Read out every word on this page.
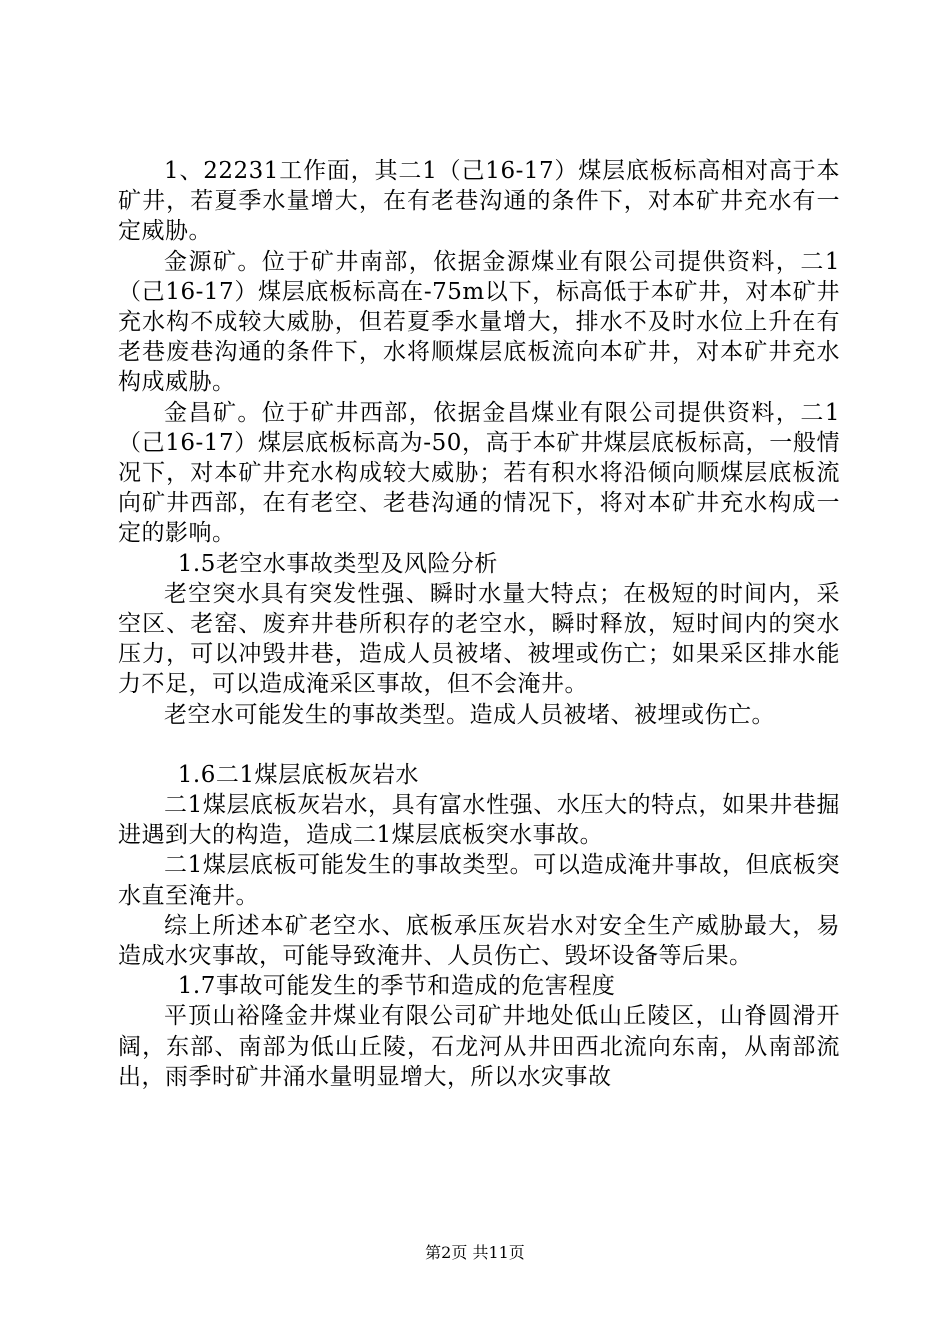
1、22231工作面，其二1（己16-17）煤层底板标高相对高于本矿井，若夏季水量增大，在有老巷沟通的条件下，对本矿井充水有一定威胁。

金源矿。位于矿井南部，依据金源煤业有限公司提供资料，二1（己16-17）煤层底板标高在-75m以下，标高低于本矿井，对本矿井充水构不成较大威胁，但若夏季水量增大，排水不及时水位上升在有老巷废巷沟通的条件下，水将顺煤层底板流向本矿井，对本矿井充水构成威胁。

金昌矿。位于矿井西部，依据金昌煤业有限公司提供资料，二1（己16-17）煤层底板标高为-50，高于本矿井煤层底板标高，一般情况下，对本矿井充水构成较大威胁；若有积水将沿倾向顺煤层底板流向矿井西部，在有老空、老巷沟通的情况下，将对本矿井充水构成一定的影响。

1.5老空水事故类型及风险分析

老空突水具有突发性强、瞬时水量大特点；在极短的时间内，采空区、老窑、废弃井巷所积存的老空水，瞬时释放，短时间内的突水压力，可以冲毁井巷，造成人员被堵、被埋或伤亡；如果采区排水能力不足，可以造成淹采区事故，但不会淹井。

老空水可能发生的事故类型。造成人员被堵、被埋或伤亡。

1.6二1煤层底板灰岩水

二1煤层底板灰岩水，具有富水性强、水压大的特点，如果井巷掘进遇到大的构造，造成二1煤层底板突水事故。

二1煤层底板可能发生的事故类型。可以造成淹井事故，但底板突水直至淹井。

综上所述本矿老空水、底板承压灰岩水对安全生产威胁最大，易造成水灾事故，可能导致淹井、人员伤亡、毁坏设备等后果。

1.7事故可能发生的季节和造成的危害程度

平顶山裕隆金井煤业有限公司矿井地处低山丘陵区，山脊圆滑开阔，东部、南部为低山丘陵，石龙河从井田西北流向东南，从南部流出，雨季时矿井涌水量明显增大，所以水灾事故

第2页 共11页
